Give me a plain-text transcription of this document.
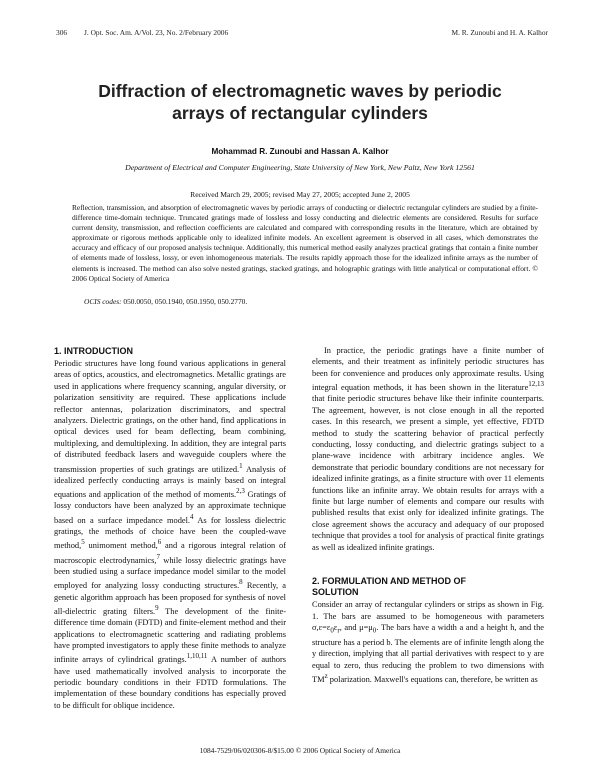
306 J. Opt. Soc. Am. A/Vol. 23, No. 2/February 2006	M. R. Zunoubi and H. A. Kalhor
Diffraction of electromagnetic waves by periodic
arrays of rectangular cylinders
Mohammad R. Zunoubi and Hassan A. Kalhor
Department of Electrical and Computer Engineering, State University of New York, New Paltz, New York 12561
Received March 29, 2005; revised May 27, 2005; accepted June 2, 2005
Reflection, transmission, and absorption of electromagnetic waves by periodic arrays of conducting or dielectric rectangular cylinders are studied by a finite-difference time-domain technique. Truncated gratings made of lossless and lossy conducting and dielectric elements are considered. Results for surface current density, transmission, and reflection coefficients are calculated and compared with corresponding results in the literature, which are obtained by approximate or rigorous methods applicable only to idealized infinite models. An excellent agreement is observed in all cases, which demonstrates the accuracy and efficacy of our proposed analysis technique. Additionally, this numerical method easily analyzes practical gratings that contain a finite number of elements made of lossless, lossy, or even inhomogeneous materials. The results rapidly approach those for the idealized infinite arrays as the number of elements is increased. The method can also solve nested gratings, stacked gratings, and holographic gratings with little analytical or computational effort. © 2006 Optical Society of America
OCIS codes: 050.0050, 050.1940, 050.1950, 050.2770.
1. INTRODUCTION

Periodic structures have long found various applications in general areas of optics, acoustics, and electromagnetics. Metallic gratings are used in applications where frequency scanning, angular diversity, or polarization sensitivity are required. These applications include reflector antennas, polarization discriminators, and spectral analyzers. Dielectric gratings, on the other hand, find applications in optical devices used for beam deflecting, beam combining, multiplexing, and demultiplexing. In addition, they are integral parts of distributed feedback lasers and waveguide couplers where the transmission properties of such gratings are utilized.$^1$ Analysis of idealized perfectly conducting arrays is mainly based on integral equations and application of the method of moments.$^{2,3}$ Gratings of lossy conductors have been analyzed by an approximate technique based on a surface impedance model.$^4$ As for lossless dielectric gratings, the methods of choice have been the coupled-wave method,$^5$ unimoment method,$^6$ and a rigorous integral relation of macroscopic electrodynamics,$^7$ while lossy dielectric gratings have been studied using a surface impedance model similar to the model employed for analyzing lossy conducting structures.$^8$ Recently, a genetic algorithm approach has been proposed for synthesis of novel all-dielectric grating filters.$^9$ The development of the finite-difference time domain (FDTD) and finite-element method and their applications to electromagnetic scattering and radiating problems have prompted investigators to apply these finite methods to analyze infinite arrays of cylindrical gratings.$^{1,10,11}$ A number of authors have used mathematically involved analysis to incorporate the periodic boundary conditions in their FDTD formulations. The implementation of these boundary conditions has especially proved to be difficult for oblique incidence.

In practice, the periodic gratings have a finite number of elements, and their treatment as infinitely periodic structures has been for convenience and produces only approximate results. Using integral equation methods, it has been shown in the literature$^{12,13}$ that finite periodic structures behave like their infinite counterparts. The agreement, however, is not close enough in all the reported cases. In this research, we present a simple, yet effective, FDTD method to study the scattering behavior of practical perfectly conducting, lossy conducting, and dielectric gratings subject to a plane-wave incidence with arbitrary incidence angles. We demonstrate that periodic boundary conditions are not necessary for idealized infinite gratings, as a finite structure with over 11 elements functions like an infinite array. We obtain results for arrays with a finite but large number of elements and compare our results with published results that exist only for idealized infinite gratings. The close agreement shows the accuracy and adequacy of our proposed technique that provides a tool for analysis of practical finite gratings as well as idealized infinite gratings.

2. FORMULATION AND METHOD OF
SOLUTION

Consider an array of rectangular cylinders or strips as shown in Fig. 1. The bars are assumed to be homogeneous with parameters $\sigma,\varepsilon=\varepsilon_0\varepsilon_r$, and $\mu=\mu_0$. The bars have a width a and a height h, and the structure has a period b. The elements are of infinite length along the y direction, implying that all partial derivatives with respect to y are equal to zero, thus reducing the problem to two dimensions with $TM^z$ polarization. Maxwell's equations can, therefore, be written as

1084-7529/06/020306-8/$15.00 © 2006 Optical Society of America
